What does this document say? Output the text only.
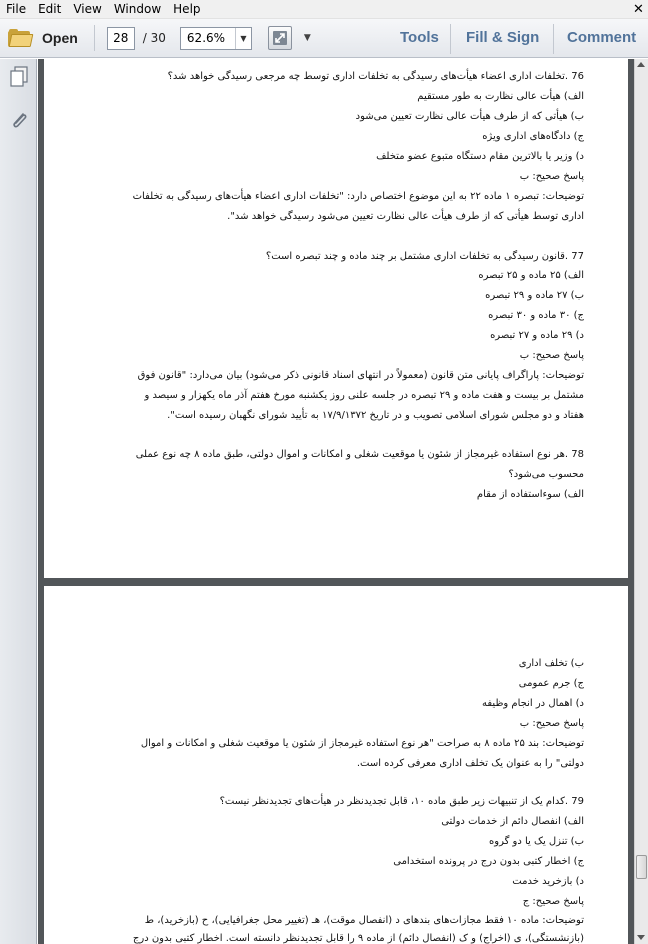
File	Edit	View	Window	Help	✕
Open	28	/ 30	62.6%	▼	▼	Tools Fill & Sign Comment
76 .تخلفات اداری اعضاء هیأت‌های رسیدگی به تخلفات اداری توسط چه مرجعی رسیدگی خواهد شد؟
الف) هیأت عالی نظارت به طور مستقیم
ب) هیأتی که از طرف هیأت عالی نظارت تعیین می‌شود
ج) دادگاه‌های اداری ویژه
د) وزیر یا بالاترین مقام دستگاه متبوع عضو متخلف
پاسخ صحیح: ب
توضیحات: تبصره ۱ ماده ۲۲ به این موضوع اختصاص دارد: "تخلفات اداری اعضاء هیأت‌های رسیدگی به تخلفات
اداری توسط هیأتی که از طرف هیأت عالی نظارت تعیین می‌شود رسیدگی خواهد شد".
77 .قانون رسیدگی به تخلفات اداری مشتمل بر چند ماده و چند تبصره است؟
الف) ۲۵ ماده و ۲۵ تبصره
ب) ۲۷ ماده و ۲۹ تبصره
ج) ۳۰ ماده و ۳۰ تبصره
د) ۲۹ ماده و ۲۷ تبصره
پاسخ صحیح: ب
توضیحات: پاراگراف پایانی متن قانون (معمولاً در انتهای اسناد قانونی ذکر می‌شود) بیان می‌دارد: "قانون فوق
مشتمل بر بیست و هفت ماده و ۲۹ تبصره در جلسه علنی روز یکشنبه مورخ هفتم آذر ماه یکهزار و سیصد و
هفتاد و دو مجلس شورای اسلامی تصویب و در تاریخ ۱۷/۹/۱۳۷۲ به تأیید شورای نگهبان رسیده است".
78 .هر نوع استفاده غیرمجاز از شئون یا موقعیت شغلی و امکانات و اموال دولتی، طبق ماده ۸ چه نوع عملی
محسوب می‌شود؟
الف) سوءاستفاده از مقام
ب) تخلف اداری
ج) جرم عمومی
د) اهمال در انجام وظیفه
پاسخ صحیح: ب
توضیحات: بند ۲۵ ماده ۸ به صراحت "هر نوع استفاده غیرمجاز از شئون یا موقعیت شغلی و امکانات و اموال
دولتی" را به عنوان یک تخلف اداری معرفی کرده است.
79 .کدام یک از تنبیهات زیر طبق ماده ۱۰، قابل تجدیدنظر در هیأت‌های تجدیدنظر نیست؟
الف) انفصال دائم از خدمات دولتی
ب) تنزل یک یا دو گروه
ج) اخطار کتبی بدون درج در پرونده استخدامی
د) بازخرید خدمت
پاسخ صحیح: ج
توضیحات: ماده ۱۰ فقط مجازات‌های بندهای د (انفصال موقت)، هـ (تغییر محل جغرافیایی)، ح (بازخرید)، ط
(بازنشستگی)، ی (اخراج) و ک (انفصال دائم) از ماده ۹ را قابل تجدیدنظر دانسته است. اخطار کتبی بدون درج
